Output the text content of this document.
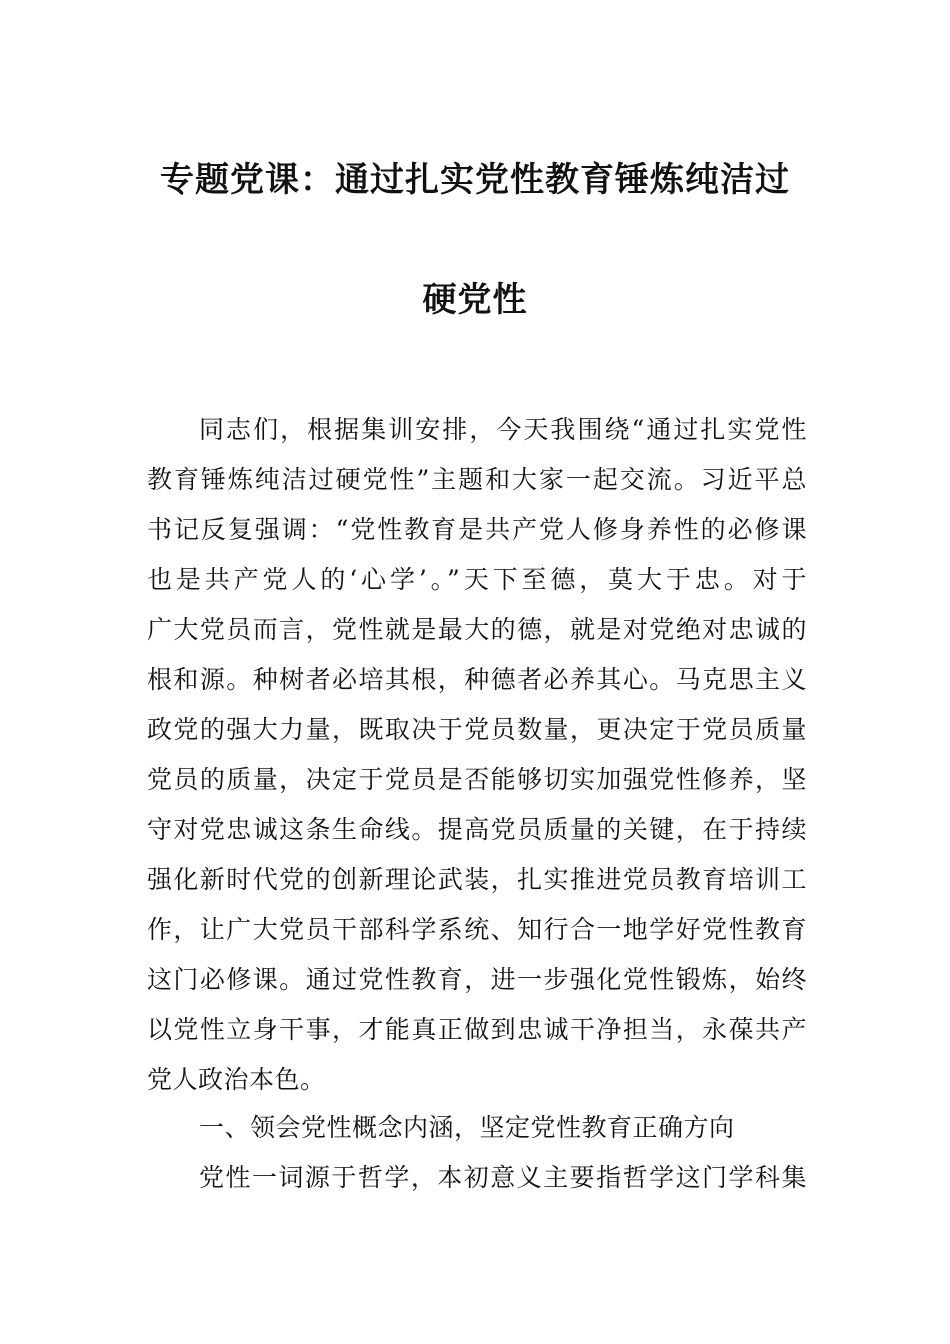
专题党课：通过扎实党性教育锤炼纯洁过
硬党性
同志们，根据集训安排，今天我围绕“通过扎实党性
教育锤炼纯洁过硬党性”主题和大家一起交流。习近平总
书记反复强调：“党性教育是共产党人修身养性的必修课
也是共产党人的‘心学’。”天下至德，莫大于忠。对于
广大党员而言，党性就是最大的德，就是对党绝对忠诚的
根和源。种树者必培其根，种德者必养其心。马克思主义
政党的强大力量，既取决于党员数量，更决定于党员质量
党员的质量，决定于党员是否能够切实加强党性修养，坚
守对党忠诚这条生命线。提高党员质量的关键，在于持续
强化新时代党的创新理论武装，扎实推进党员教育培训工
作，让广大党员干部科学系统、知行合一地学好党性教育
这门必修课。通过党性教育，进一步强化党性锻炼，始终
以党性立身干事，才能真正做到忠诚干净担当，永葆共产
党人政治本色。
一、领会党性概念内涵，坚定党性教育正确方向
党性一词源于哲学，本初意义主要指哲学这门学科集
